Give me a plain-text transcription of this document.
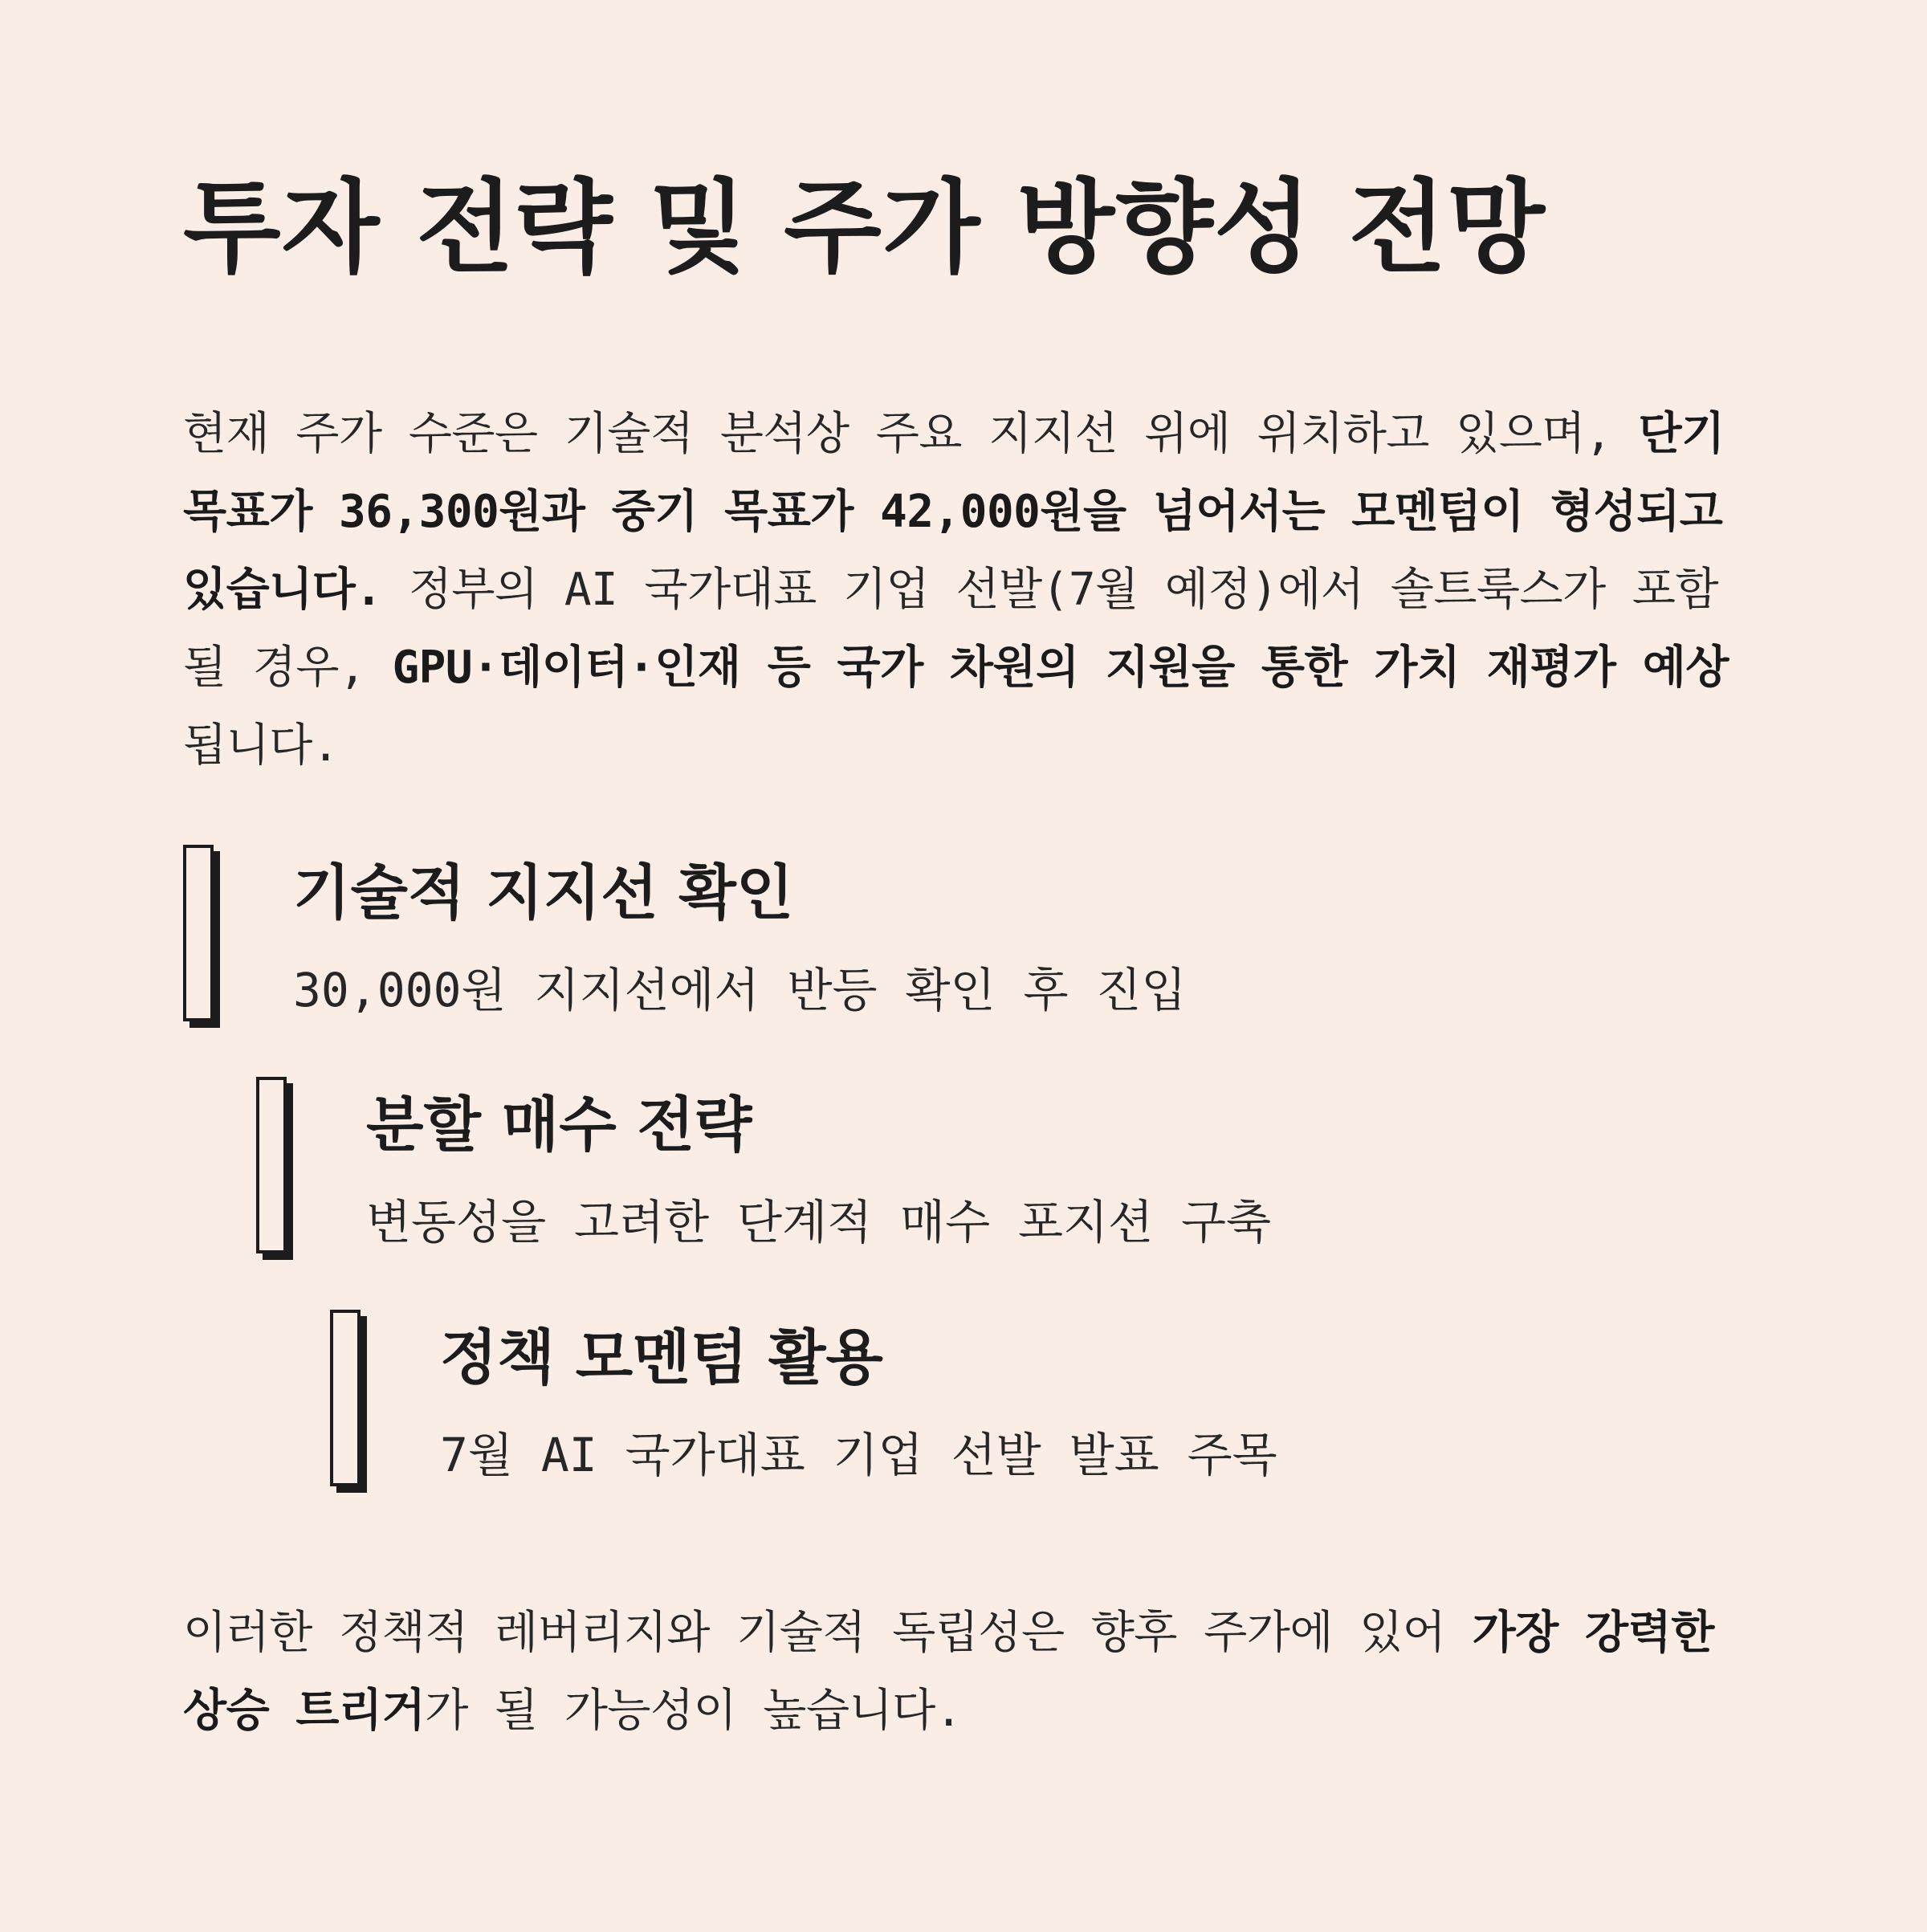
투자 전략 및 주가 방향성 전망

현재 주가 수준은 기술적 분석상 주요 지지선 위에 위치하고 있으며, 단기 목표가 36,300원과 중기 목표가 42,000원을 넘어서는 모멘텀이 형성되고 있습니다. 정부의 AI 국가대표 기업 선발(7월 예정)에서 솔트룩스가 포함될 경우, GPU·데이터·인재 등 국가 차원의 지원을 통한 가치 재평가 예상됩니다.

기술적 지지선 확인

30,000원 지지선에서 반등 확인 후 진입

분할 매수 전략

변동성을 고려한 단계적 매수 포지션 구축

정책 모멘텀 활용

7월 AI 국가대표 기업 선발 발표 주목

이러한 정책적 레버리지와 기술적 독립성은 향후 주가에 있어 가장 강력한 상승 트리거가 될 가능성이 높습니다.
